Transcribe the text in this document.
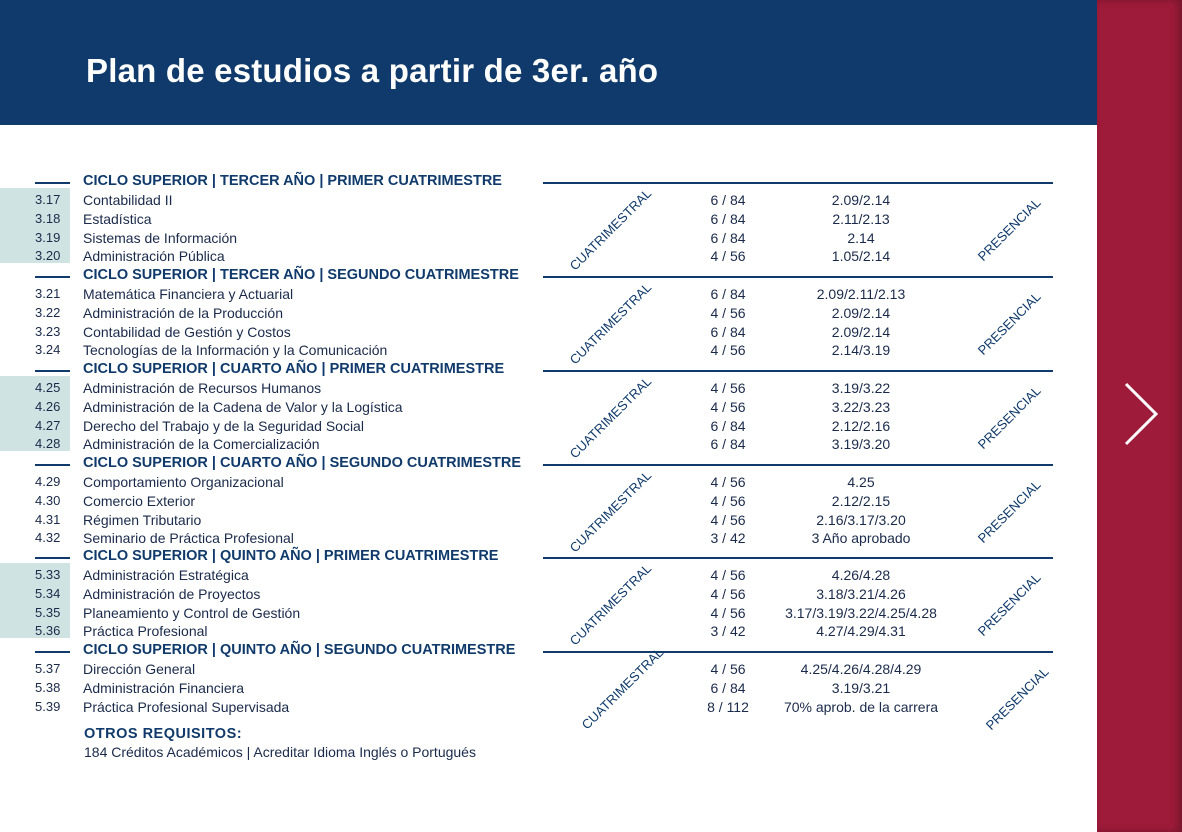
Plan de estudios a partir de 3er. año
CICLO SUPERIOR | TERCER AÑO | PRIMER CUATRIMESTRE
3.17	Contabilidad II	6 / 84	2.09/2.14
3.18	Estadística	6 / 84	2.11/2.13
3.19	Sistemas de Información	6 / 84	2.14
3.20	Administración Pública	4 / 56	1.05/2.14
CUATRIMESTRAL	PRESENCIAL
CICLO SUPERIOR | TERCER AÑO | SEGUNDO CUATRIMESTRE
3.21	Matemática Financiera y Actuarial	6 / 84	2.09/2.11/2.13
3.22	Administración de la Producción	4 / 56	2.09/2.14
3.23	Contabilidad de Gestión y Costos	6 / 84	2.09/2.14
3.24	Tecnologías de la Información y la Comunicación	4 / 56	2.14/3.19
CUATRIMESTRAL	PRESENCIAL
CICLO SUPERIOR | CUARTO AÑO | PRIMER CUATRIMESTRE
4.25	Administración de Recursos Humanos	4 / 56	3.19/3.22
4.26	Administración de la Cadena de Valor y la Logística	4 / 56	3.22/3.23
4.27	Derecho del Trabajo y de la Seguridad Social	6 / 84	2.12/2.16
4.28	Administración de la Comercialización	6 / 84	3.19/3.20
CUATRIMESTRAL	PRESENCIAL
CICLO SUPERIOR | CUARTO AÑO | SEGUNDO CUATRIMESTRE
4.29	Comportamiento Organizacional	4 / 56	4.25
4.30	Comercio Exterior	4 / 56	2.12/2.15
4.31	Régimen Tributario	4 / 56	2.16/3.17/3.20
4.32	Seminario de Práctica Profesional	3 / 42	3 Año aprobado
CUATRIMESTRAL	PRESENCIAL
CICLO SUPERIOR | QUINTO AÑO | PRIMER CUATRIMESTRE
5.33	Administración Estratégica	4 / 56	4.26/4.28
5.34	Administración de Proyectos	4 / 56	3.18/3.21/4.26
5.35	Planeamiento y Control de Gestión	4 / 56	3.17/3.19/3.22/4.25/4.28
5.36	Práctica Profesional	3 / 42	4.27/4.29/4.31
CUATRIMESTRAL	PRESENCIAL
CICLO SUPERIOR | QUINTO AÑO | SEGUNDO CUATRIMESTRE
5.37	Dirección General	4 / 56	4.25/4.26/4.28/4.29
5.38	Administración Financiera	6 / 84	3.19/3.21
5.39	Práctica Profesional Supervisada	8 / 112	70% aprob. de la carrera
CUATRIMESTRAL	PRESENCIAL
OTROS REQUISITOS:
184 Créditos Académicos | Acreditar Idioma Inglés o Portugués
